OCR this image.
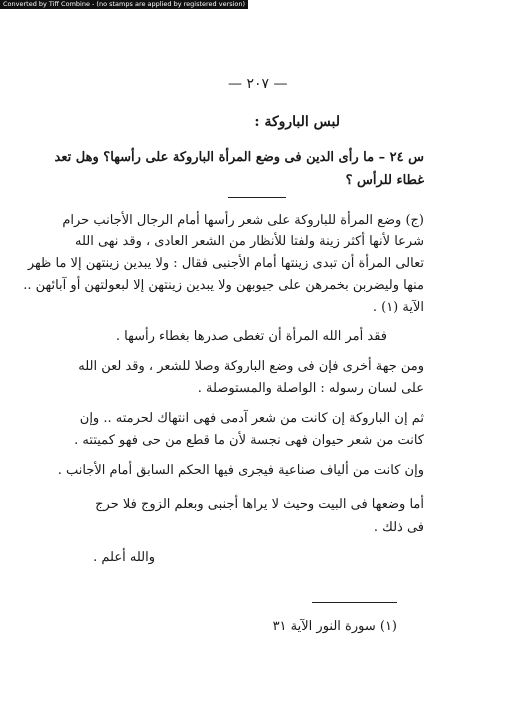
Converted by Tiff Combine - (no stamps are applied by registered version)
— ٢٠٧ —
لبس الباروكة :
س ٢٤ – ما رأى الدين فى وضع المرأة الباروكة على رأسها؟ وهل تعد
غطاء للرأس ؟
(ج) وضع المرأة للباروكة على شعر رأسها أمام الرجال الأجانب حرام
شرعا لأنها أكثر زينة ولفتا للأنظار من الشعر العادى ، وقد نهى الله
تعالى المرأة أن تبدى زينتها أمام الأجنبى فقال : ولا يبدين زينتهن إلا ما ظهر
منها وليضربن بخمرهن على جيوبهن ولا يبدين زينتهن إلا لبعولتهن أو آبائهن ..
الآية (١) .
فقد أمر الله المرأة أن تغطى صدرها بغطاء رأسها .
ومن جهة أخرى فإن فى وضع الباروكة وصلا للشعر ، وقد لعن الله
على لسان رسوله : الواصلة والمستوصلة .
ثم إن الباروكة إن كانت من شعر آدمى فهى انتهاك لحرمته .. وإن
كانت من شعر حيوان فهى نجسة لأن ما قطع من حى فهو كميتته .
وإن كانت من ألياف صناعية فيجرى فيها الحكم السابق أمام الأجانب .
أما وضعها فى البيت وحيث لا يراها أجنبى وبعلم الزوج فلا حرج
فى ذلك .
والله أعلم .
(١) سورة النور الآية ٣١
